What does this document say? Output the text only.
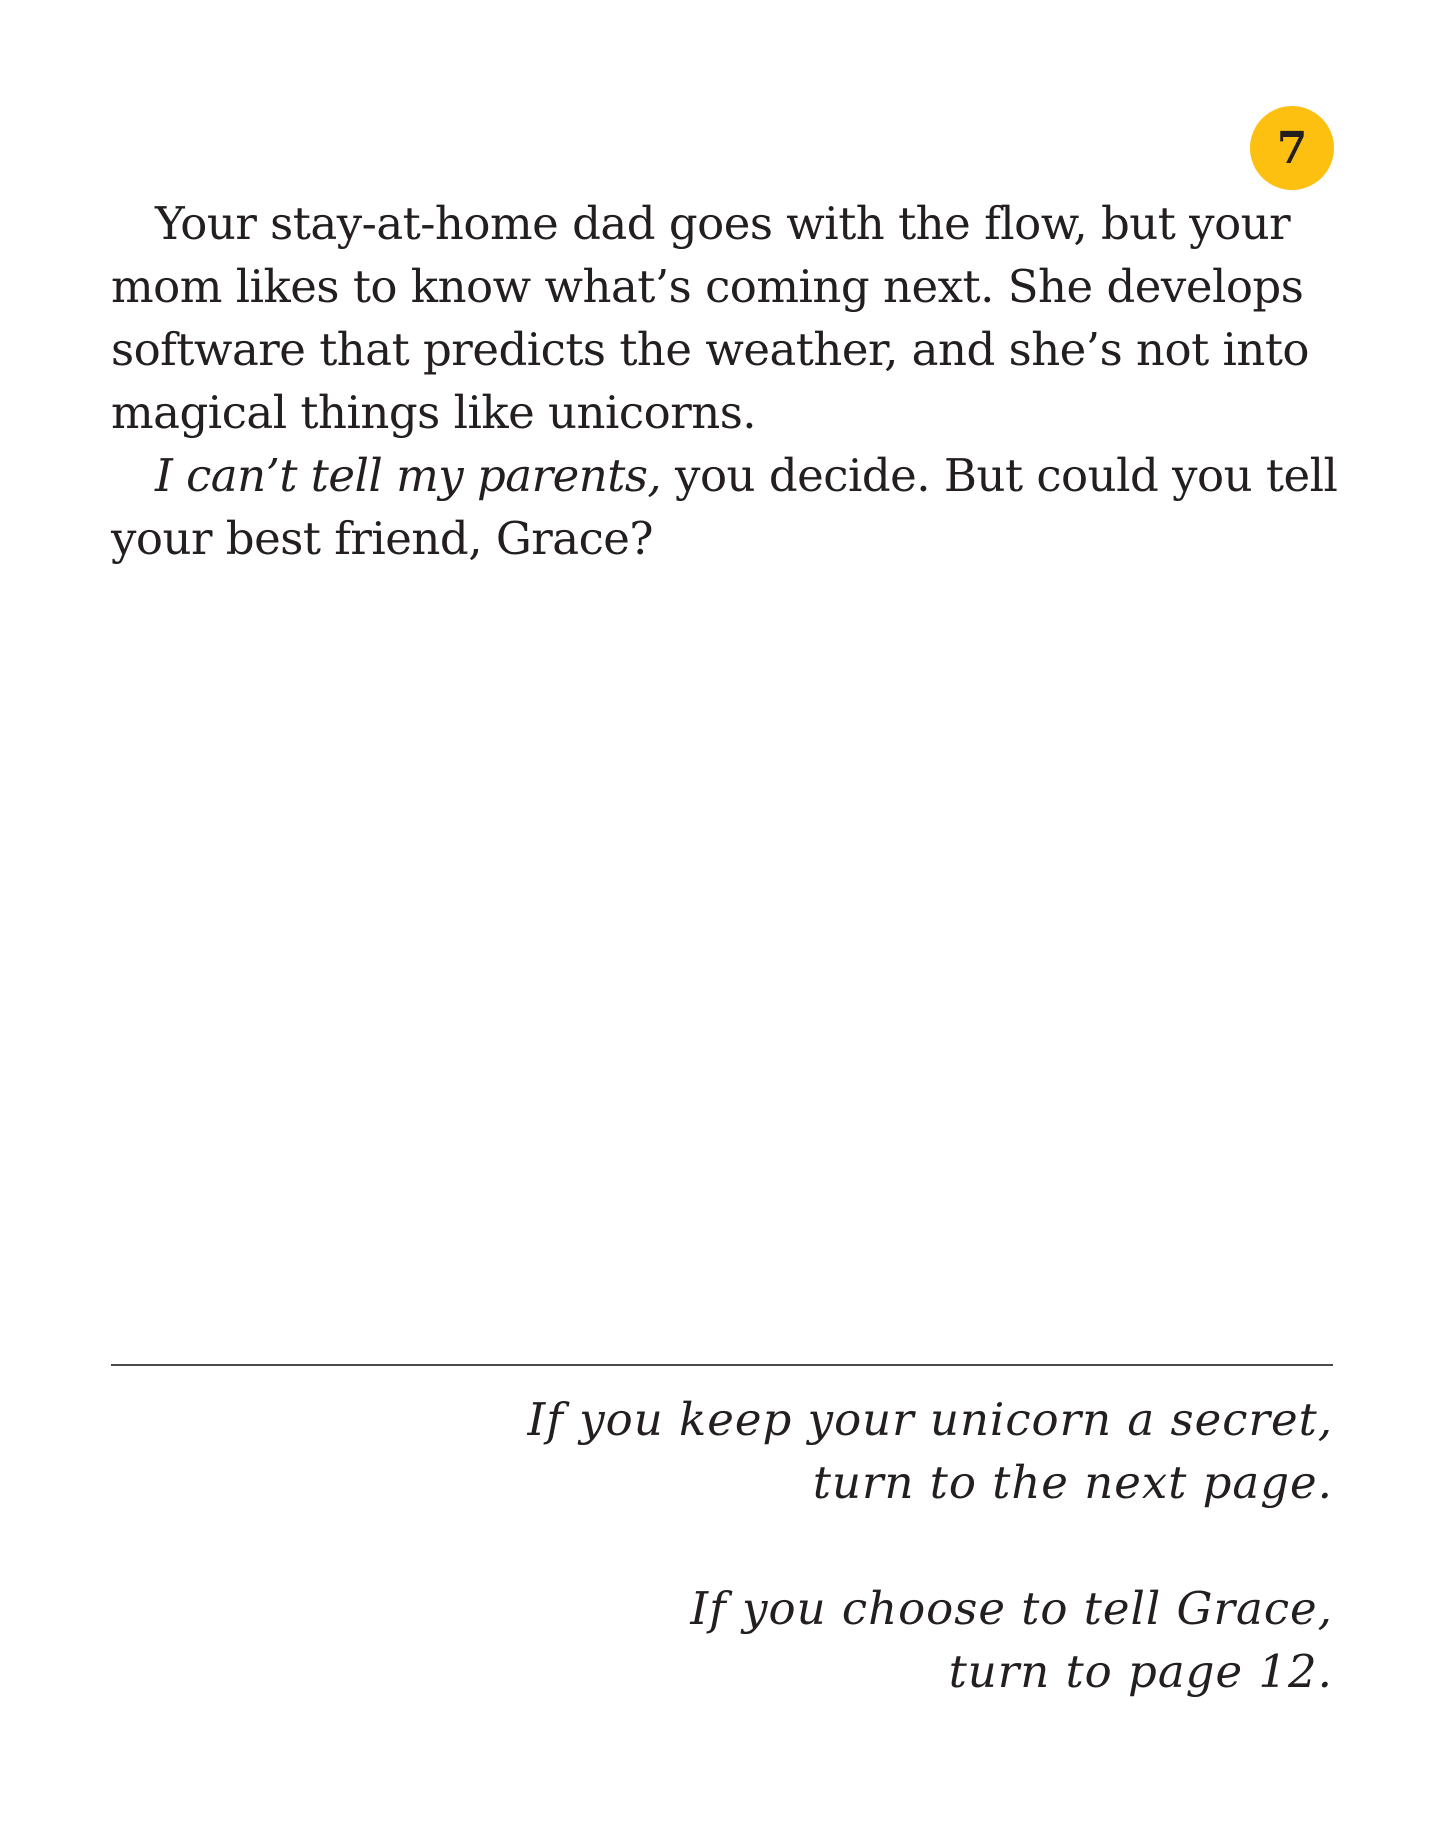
7

Your stay-at-home dad goes with the flow, but your mom likes to know what’s coming next. She develops software that predicts the weather, and she’s not into magical things like unicorns.

I can’t tell my parents, you decide. But could you tell your best friend, Grace?

If you keep your unicorn a secret,
turn to the next page.
If you choose to tell Grace,
turn to page 12.
